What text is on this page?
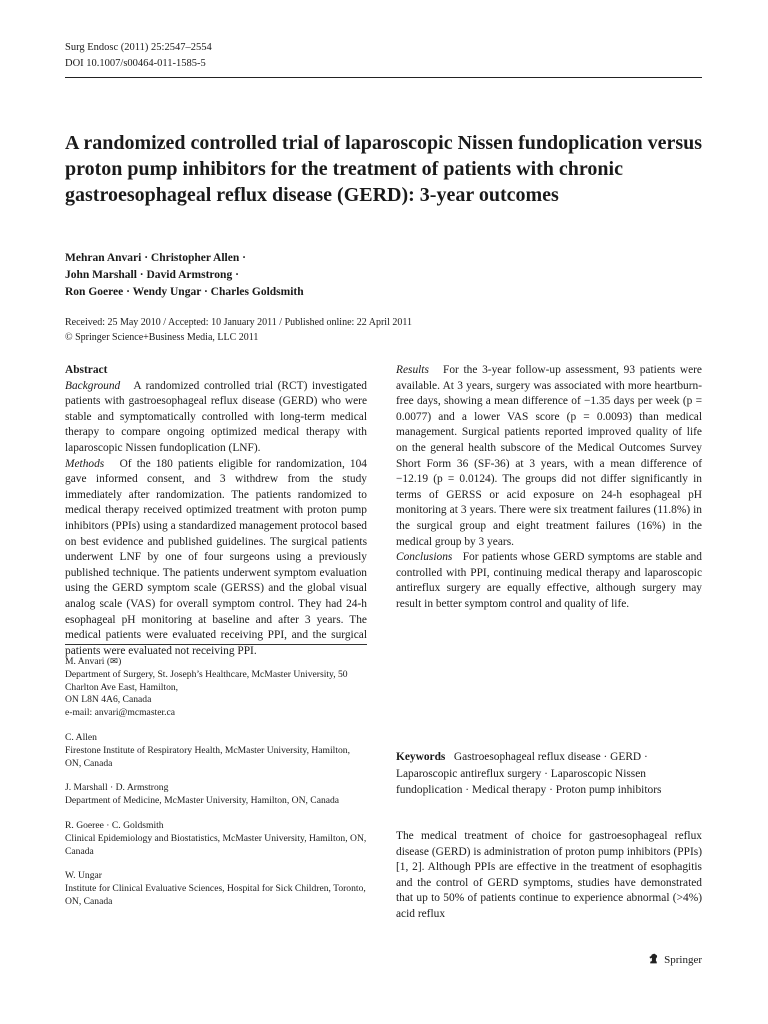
Surg Endosc (2011) 25:2547–2554
DOI 10.1007/s00464-011-1585-5
A randomized controlled trial of laparoscopic Nissen fundoplication versus proton pump inhibitors for the treatment of patients with chronic gastroesophageal reflux disease (GERD): 3-year outcomes
Mehran Anvari · Christopher Allen ·
John Marshall · David Armstrong ·
Ron Goeree · Wendy Ungar · Charles Goldsmith
Received: 25 May 2010 / Accepted: 10 January 2011 / Published online: 22 April 2011
© Springer Science+Business Media, LLC 2011

Abstract

Background A randomized controlled trial (RCT) investigated patients with gastroesophageal reflux disease (GERD) who were stable and symptomatically controlled with long-term medical therapy to compare ongoing optimized medical therapy with laparoscopic Nissen fundoplication (LNF).

Methods Of the 180 patients eligible for randomization, 104 gave informed consent, and 3 withdrew from the study immediately after randomization. The patients randomized to medical therapy received optimized treatment with proton pump inhibitors (PPIs) using a standardized management protocol based on best evidence and published guidelines. The surgical patients underwent LNF by one of four surgeons using a previously published technique. The patients underwent symptom evaluation using the GERD symptom scale (GERSS) and the global visual analog scale (VAS) for overall symptom control. They had 24-h esophageal pH monitoring at baseline and after 3 years. The medical patients were evaluated receiving PPI, and the surgical patients were evaluated not receiving PPI.

Results For the 3-year follow-up assessment, 93 patients were available. At 3 years, surgery was associated with more heartburn-free days, showing a mean difference of −1.35 days per week (p = 0.0077) and a lower VAS score (p = 0.0093) than medical management. Surgical patients reported improved quality of life on the general health subscore of the Medical Outcomes Survey Short Form 36 (SF-36) at 3 years, with a mean difference of −12.19 (p = 0.0124). The groups did not differ significantly in terms of GERSS or acid exposure on 24-h esophageal pH monitoring at 3 years. There were six treatment failures (11.8%) in the surgical group and eight treatment failures (16%) in the medical group by 3 years.

Conclusions For patients whose GERD symptoms are stable and controlled with PPI, continuing medical therapy and laparoscopic antireflux surgery are equally effective, although surgery may result in better symptom control and quality of life.

M. Anvari (✉)
Department of Surgery, St. Joseph’s Healthcare, McMaster University, 50 Charlton Ave East, Hamilton,
ON L8N 4A6, Canada
e-mail: anvari@mcmaster.ca
C. Allen
Firestone Institute of Respiratory Health, McMaster University, Hamilton, ON, Canada
J. Marshall · D. Armstrong
Department of Medicine, McMaster University, Hamilton, ON, Canada
R. Goeree · C. Goldsmith
Clinical Epidemiology and Biostatistics, McMaster University, Hamilton, ON, Canada
W. Ungar
Institute for Clinical Evaluative Sciences, Hospital for Sick Children, Toronto, ON, Canada
Keywords Gastroesophageal reflux disease · GERD · Laparoscopic antireflux surgery · Laparoscopic Nissen fundoplication · Medical therapy · Proton pump inhibitors

The medical treatment of choice for gastroesophageal reflux disease (GERD) is administration of proton pump inhibitors (PPIs) [1, 2]. Although PPIs are effective in the treatment of esophagitis and the control of GERD symptoms, studies have demonstrated that up to 50% of patients continue to experience abnormal (>4%) acid reflux

Springer
